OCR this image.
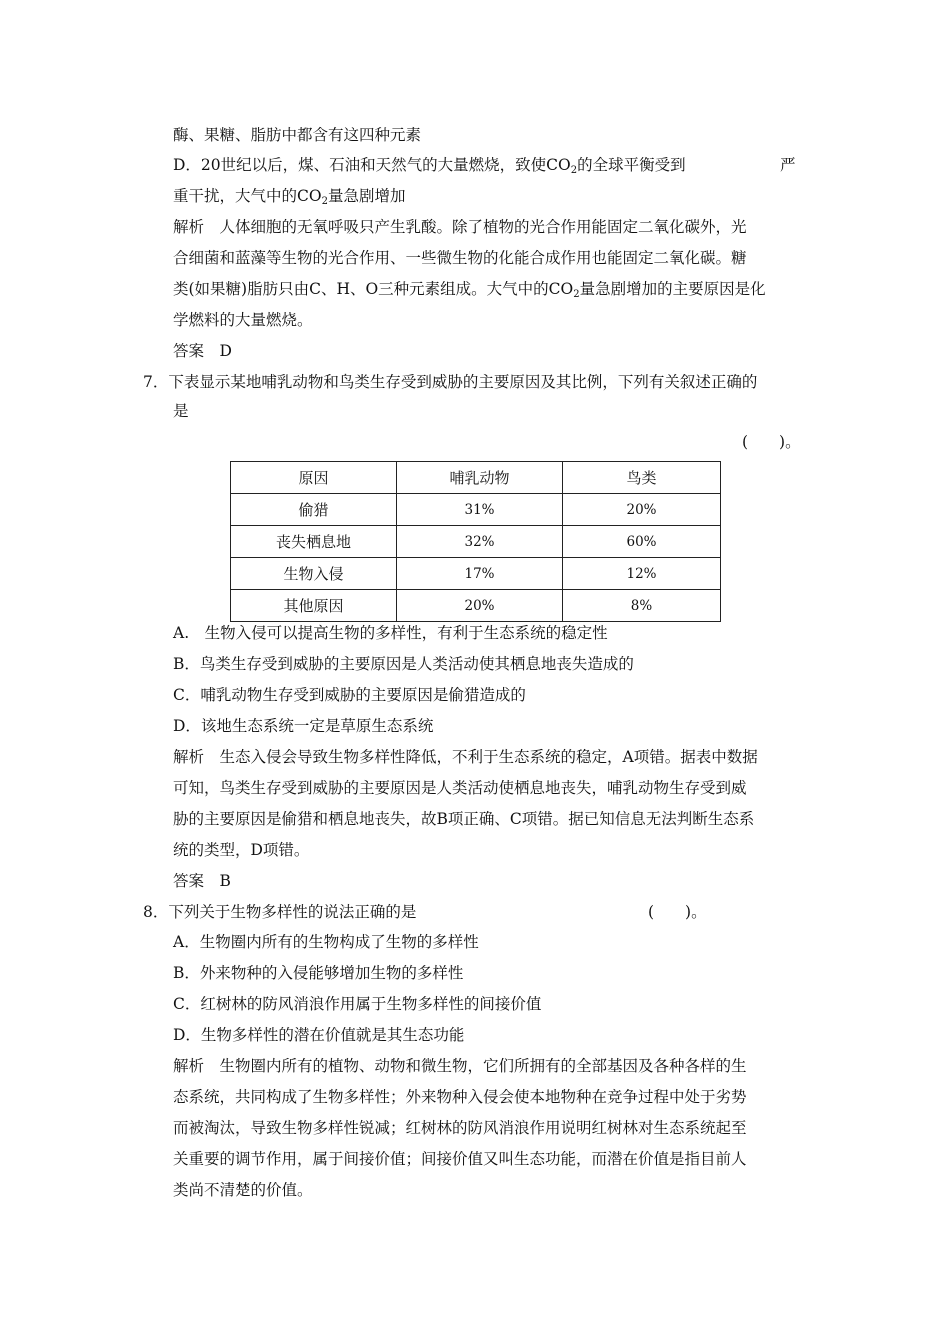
酶、果糖、脂肪中都含有这四种元素
D．20世纪以后，煤、石油和天然气的大量燃烧，致使$CO_2$的全球平衡受到	严
重干扰，大气中的$CO_2$量急剧增加
解析　人体细胞的无氧呼吸只产生乳酸。除了植物的光合作用能固定二氧化碳外，光
合细菌和蓝藻等生物的光合作用、一些微生物的化能合成作用也能固定二氧化碳。糖
类(如果糖)脂肪只由C、H、O三种元素组成。大气中的$CO_2$量急剧增加的主要原因是化
学燃料的大量燃烧。
答案　D
7．下表显示某地哺乳动物和鸟类生存受到威胁的主要原因及其比例，下列有关叙述正确的
是
(　　)。
原因	哺乳动物	鸟类
偷猎	31%	20%
丧失栖息地	32%	60%
生物入侵	17%	12%
其他原因	20%	8%
A.　生物入侵可以提高生物的多样性，有利于生态系统的稳定性
B．鸟类生存受到威胁的主要原因是人类活动使其栖息地丧失造成的
C．哺乳动物生存受到威胁的主要原因是偷猎造成的
D．该地生态系统一定是草原生态系统
解析　生态入侵会导致生物多样性降低，不利于生态系统的稳定，A项错。据表中数据
可知，鸟类生存受到威胁的主要原因是人类活动使栖息地丧失，哺乳动物生存受到威
胁的主要原因是偷猎和栖息地丧失，故B项正确、C项错。据已知信息无法判断生态系
统的类型，D项错。
答案　B
8．下列关于生物多样性的说法正确的是	(　　)。
A．生物圈内所有的生物构成了生物的多样性
B．外来物种的入侵能够增加生物的多样性
C．红树林的防风消浪作用属于生物多样性的间接价值
D．生物多样性的潜在价值就是其生态功能
解析　生物圈内所有的植物、动物和微生物，它们所拥有的全部基因及各种各样的生
态系统，共同构成了生物多样性；外来物种入侵会使本地物种在竞争过程中处于劣势
而被淘汰，导致生物多样性锐减；红树林的防风消浪作用说明红树林对生态系统起至
关重要的调节作用，属于间接价值；间接价值又叫生态功能，而潜在价值是指目前人
类尚不清楚的价值。
